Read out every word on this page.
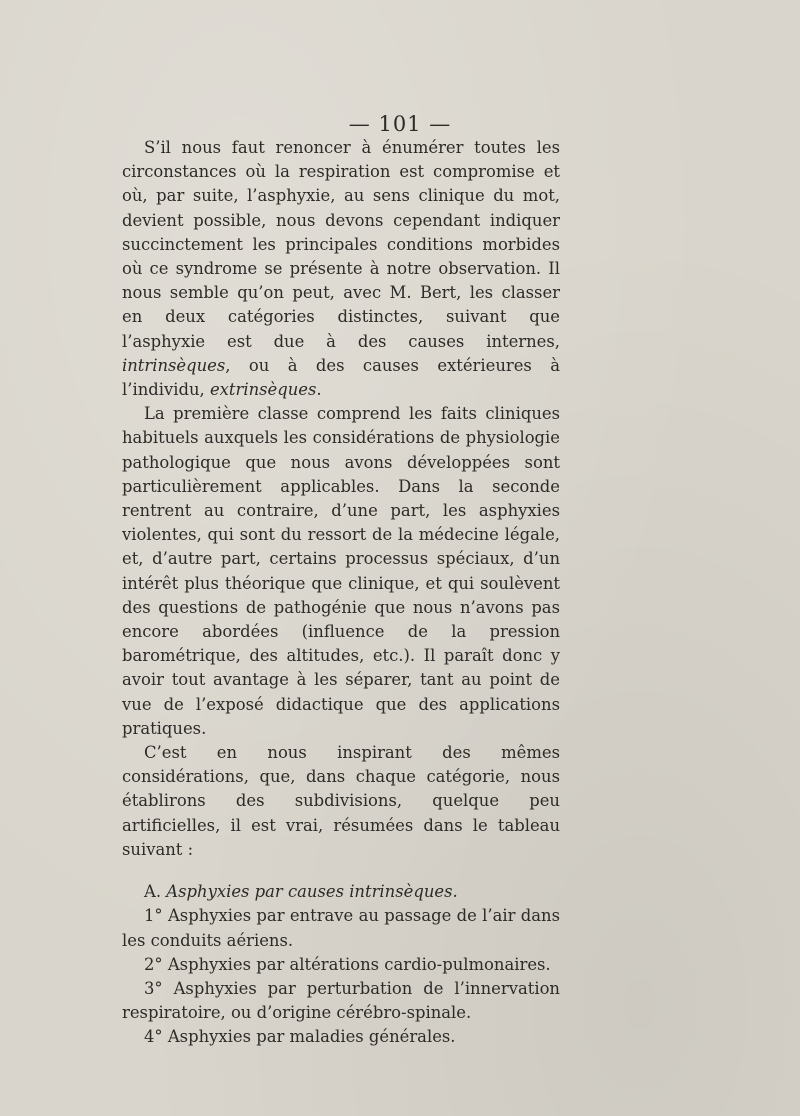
— 101 —

S’il nous faut renoncer à énumérer toutes les circonstances où la respiration est compromise et où, par suite, l’asphyxie, au sens clinique du mot, devient possible, nous devons cependant indiquer succinctement les principales conditions morbides où ce syndrome se présente à notre observation. Il nous semble qu’on peut, avec M. Bert, les classer en deux catégories distinctes, suivant que l’asphyxie est due à des causes internes, intrinsèques, ou à des causes extérieures à l’individu, extrinsèques.

La première classe comprend les faits cliniques habituels auxquels les considérations de physiologie pathologique que nous avons développées sont particulièrement applicables. Dans la seconde rentrent au contraire, d’une part, les asphyxies violentes, qui sont du ressort de la médecine légale, et, d’autre part, certains processus spéciaux, d’un intérêt plus théorique que clinique, et qui soulèvent des questions de pathogénie que nous n’avons pas encore abordées (influence de la pression barométrique, des altitudes, etc.). Il paraît donc y avoir tout avantage à les séparer, tant au point de vue de l’exposé didactique que des applications pratiques.

C’est en nous inspirant des mêmes considérations, que, dans chaque catégorie, nous établirons des subdivisions, quelque peu artificielles, il est vrai, résumées dans le tableau suivant :

A. Asphyxies par causes intrinsèques.

1° Asphyxies par entrave au passage de l’air dans les conduits aériens.

2° Asphyxies par altérations cardio-pulmonaires.

3° Asphyxies par perturbation de l’innervation respiratoire, ou d’origine cérébro-spinale.

4° Asphyxies par maladies générales.
